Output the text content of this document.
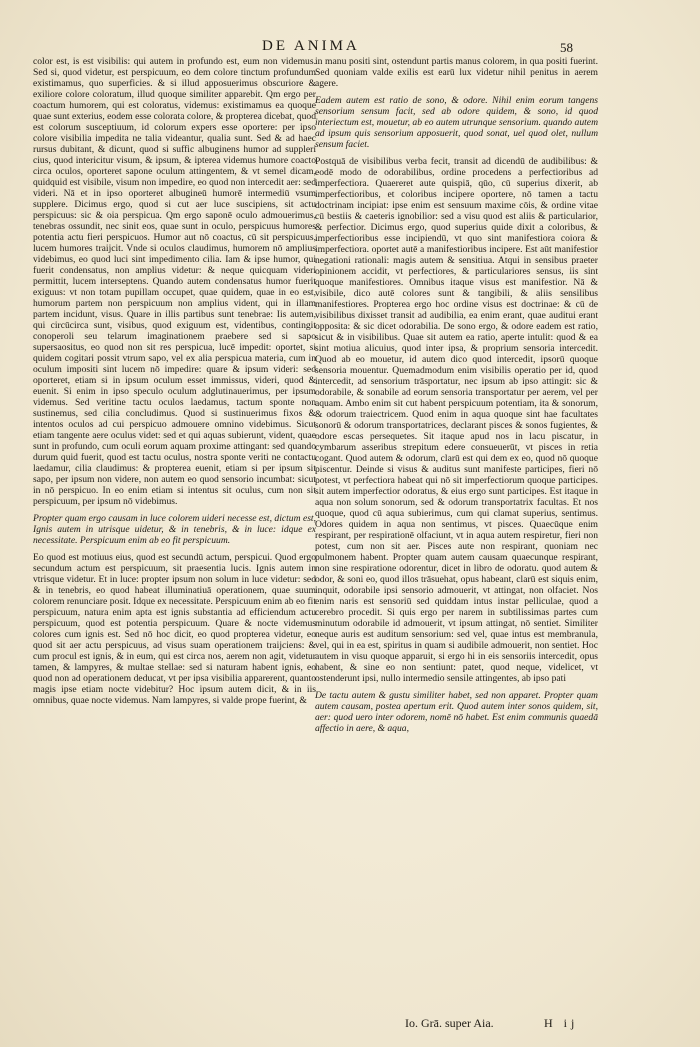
DE ANIMA	58

color est, is est visibilis: qui autem in profundo est, eum non videmus. Sed si, quod videtur, est perspicuum, eo dem colore tinctum profundum existimamus, quo superficies. & si illud apposuerimus obscuriore & exiliore colore coloratum, illud quoque similiter apparebit. Qm ergo per coactum humorem, qui est coloratus, videmus: existimamus ea quoque quae sunt exterius, eodem esse colorata colore, & propterea dicebat, quod est colorum susceptiuum, id colorum expers esse oportere: per ipso colore visibilia impedita ne talia videantur, qualia sunt. Sed & ad haec rursus dubitant, & dicunt, quod si suffic albuginens humor ad suppleri cius, quod intericitur visum, & ipsum, & ipterea videmus humore coacto circa oculos, oporteret sapone oculum attingentem, & vt semel dicam, quidquid est visibile, visum non impedire, eo quod non intercedit aer: sed videri. Nā et in ipso oporteret albugineū humorē intermediū vsum supplere. Dicimus ergo, quod si cut aer luce suscipiens, sit actu perspicuus: sic & oia perspicua. Qm ergo saponē oculo admouerimus, tenebras ossundit, nec sinit eos, quae sunt in oculo, perspicuus humores potentia actu fieri perspicuos. Humor aut nō coactus, cū sit perspicuus, lucem humores traijcit. Vnde si oculos claudimus, humorem nō amplius videbimus, eo quod luci sint impedimento cilia. Iam & ipse humor, qui fuerit condensatus, non amplius videtur: & neque quicquam videri permittit, lucem interseptens. Quando autem condensatus humor fuerit exiguus: vt non totam pupillam occupet, quae quidem, quae in eo est, humorum partem non perspicuum non amplius vident, qui in illam partem incidunt, visus. Quare in illis partibus sunt tenebrae: Iis autem, qui circūcirca sunt, visibus, quod exiguum est, videntibus, contingit conoperoli seu telarum imaginationem praebere sed si sapo supersaositus, eo quod non sit res perspicua, lucē impedit: oportet, si quidem cogitari possit vtrum sapo, vel ex alia perspicua materia, cum in oculum impositi sint lucem nō impedire: quare & ipsum videri: sed oporteret, etiam si in ipsum oculum esset immissus, videri, quod & euenit. Si enim in ipso speculo oculum adglutinauerimus, per ipsum videmus. Sed veritine tactu oculos laedamus, tactum sponte non sustinemus, sed cilia concludimus. Quod si sustinuerimus fixos & intentos oculos ad cui perspicuo admouere omnino videbimus. Sicut etiam tangente aere oculus videt: sed et qui aquas subierunt, vident, quae sunt in profundo, cum oculi eorum aquam proxime attingant: sed quando durum quid fuerit, quod est tactu oculus, nostra sponte veriti ne contactu laedamur, cilia claudimus: & propterea euenit, etiam si per ipsum sit sapo, per ipsum non videre, non autem eo quod sensorio incumbat: sicut in nō perspicuo. In eo enim etiam si intentus sit oculus, cum non sit perspicuum, per ipsum nō videbimus.

Propter quam ergo causam in luce colorem uideri necesse est, dictum est, Ignis autem in utrisque uidetur, & in tenebris, & in luce: idque ex necessitate. Perspicuum enim ab eo fit perspicuum.

Eo quod est motiuus eius, quod est secundū actum, perspicui. Quod ergo secundum actum est perspicuum, sit praesentia lucis. Ignis autem in vtrisque videtur. Et in luce: propter ipsum non solum in luce videtur: sed & in tenebris, eo quod habeat illuminatiuā operationem, quae suum colorem renunciare posit. Idque ex necessitate. Perspicuum enim ab eo fit perspicuum, natura enim apta est ignis substantia ad efficiendum actu perspicuum, quod est potentia perspicuum. Quare & nocte videmus colores cum ignis est. Sed nō hoc dicit, eo quod propterea videtur, eo quod sit aer actu perspicuus, ad visus suam operationem traijciens: & cum procul est ignis, & in eum, qui est circa nos, aerem non agit, videtur tamen, & lampyres, & multae stellae: sed si naturam habent ignis, eo quod non ad operationem deducat, vt per ipsa visibilia apparerent, quanto magis ipse etiam nocte videbitur? Hoc ipsum autem dicit, & in iis omnibus, quae nocte videmus. Nam lampyres, si valde prope fuerint, &

in manu positi sint, ostendunt partis manus colorem, in qua positi fuerint. Sed quoniam valde exilis est earū lux videtur nihil penitus in aerem agere.

Eadem autem est ratio de sono, & odore. Nihil enim eorum tangens sensorium sensum facit, sed ab odore quidem, & sono, id quod interiectum est, mouetur, ab eo autem utrunque sensorium. quando autem ad ipsum quis sensorium apposuerit, quod sonat, uel quod olet, nullum sensum faciet.

Postquā de visibilibus verba fecit, transit ad dicendū de audibilibus: & eodē modo de odorabilibus, ordine procedens a perfectioribus ad imperfectiora. Quaereret aute quispiā, qūo, cū superius dixerit, ab imperfectioribus, et coloribus incipere oportere, nō tamen a tactu doctrinam incipiat: ipse enim est sensuum maxime cōis, & ordine vitae cū bestiis & caeteris ignobilior: sed a visu quod est aliis & particularior, & perfectior. Dicimus ergo, quod superius quide dixit a coloribus, & imperfectioribus esse incipiendū, vt quo sint manifestiora coiora & imperfectiora. oportet autē a manifestioribus incipere. Est aūt manifestior negationi rationali: magis autem & sensitiua. Atqui in sensibus praeter opinionem accidit, vt perfectiores, & particulariores sensus, iis sint quoque manifestiores. Omnibus itaque visus est manifestior. Nā & visibile, dico autē colores sunt & tangibili, & aliis sensilibus manifestiores. Propterea ergo hoc ordine visus est doctrinae: & cū de visibilibus dixisset transit ad audibilia, ea enim erant, quae auditui erant opposita: & sic dicet odorabilia. De sono ergo, & odore eadem est ratio, sicut & in visibilibus. Quae sit autem ea ratio, aperte intulit: quod & ea sint motiua alicuius, quod inter ipsa, & proprium sensoria intercedit. Quod ab eo mouetur, id autem dico quod intercedit, ipsorū quoque sensoria mouentur. Quemadmodum enim visibilis operatio per id, quod intercedit, ad sensorium trāsportatur, nec ipsum ab ipso attingit: sic & odorabile, & sonabile ad eorum sensoria transportatur per aerem, vel per aquam. Ambo enim sit cut habent perspicuum potentiam, ita & sonorum, & odorum traiectricem. Quod enim in aqua quoque sint hae facultates sonorū & odorum transportatrices, declarant pisces & sonos fugientes, & odore escas persequetes. Sit itaque apud nos in lacu piscatur, in cymbarum asseribus strepitum edere consueuerūt, vt pisces in retia cogant. Quod autem & odorum, clarū est qui dem ex eo, quod nō quoque piscentur. Deinde si visus & auditus sunt manifeste participes, fieri nō potest, vt perfectiora habeat qui nō sit imperfectiorum quoque participes. sit autem imperfectior odoratus, & eius ergo sunt participes. Est itaque in aqua non solum sonorum, sed & odorum transportatrix facultas. Et nos quoque, quod cū aqua subierimus, cum qui clamat superius, sentimus. Odores quidem in aqua non sentimus, vt pisces. Quaecūque enim respirant, per respirationē olfaciunt, vt in aqua autem respiretur, fieri non potest, cum non sit aer. Pisces aute non respirant, quoniam nec pulmonem habent. Propter quam autem causam quaecunque respirant, non sine respiratione odorentur, dicet in libro de odoratu. quod autem & odor, & soni eo, quod illos trāsuehat, opus habeant, clarū est siquis enim, inquit, odorabile ipsi sensorio admouerit, vt attingat, non olfaciet. Nos enim naris est sensoriū sed quiddam intus instar pelliculae, quod a cerebro procedit. Si quis ergo per narem in subtilissimas partes cum minutum odorabile id admouerit, vt ipsum attingat, nō sentiet. Similiter neque auris est auditum sensorium: sed vel, quae intus est membranula, vel, qui in ea est, spiritus in quam si audibile admouerit, non sentiet. Hoc autem in visu quoque apparuit, si ergo hi in eis sensoriis intercedit, opus habent, & sine eo non sentiunt: patet, quod neque, videlicet, vt ostenderunt ipsi, nullo intermedio sensile attingentes, ab ipso pati

De tactu autem & gustu similiter habet, sed non apparet. Propter quam autem causam, postea apertum erit. Quod autem inter sonos quidem, sit, aer: quod uero inter odorem, nomē nō habet. Est enim communis quaedā affectio in aere, & aqua,

Io. Grā. super Aia.	H ij
